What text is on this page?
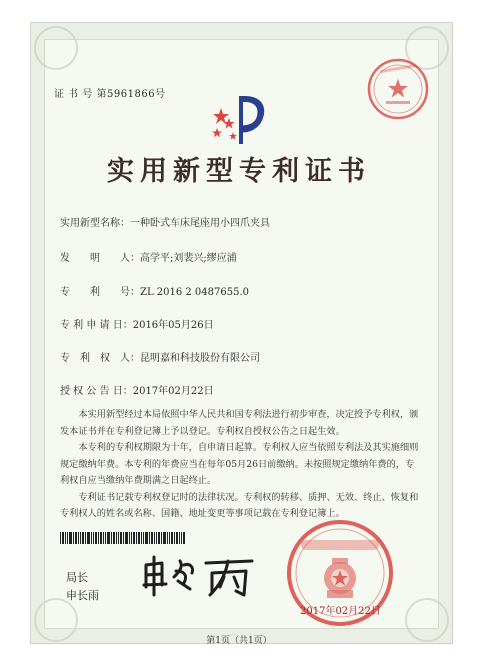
证 书 号 第5961866号
实用新型专利证书
实用新型名称：一种卧式车床尾座用小四爪夹具
发　　明　　人：高学平;刘裴兴;缪应浦
专　　利　　号：ZL 2016 2 0487655.0
专 利 申 请 日：2016年05月26日
专　利　权　人：昆明嘉和科技股份有限公司
授 权 公 告 日：2017年02月22日

本实用新型经过本局依照中华人民共和国专利法进行初步审查，决定授予专利权，颁发本证书并在专利登记簿上予以登记。专利权自授权公告之日起生效。

本专利的专利权期限为十年，自申请日起算。专利权人应当依照专利法及其实施细则规定缴纳年费。本专利的年费应当在每年05月26日前缴纳。未按照规定缴纳年费的，专利权自应当缴纳年费期满之日起终止。

专利证书记载专利权登记时的法律状况。专利权的转移、质押、无效、终止、恢复和专利权人的姓名或名称、国籍、地址变更等事项记载在专利登记簿上。

局长
申长雨
2017年02月22日
第1页（共1页）
